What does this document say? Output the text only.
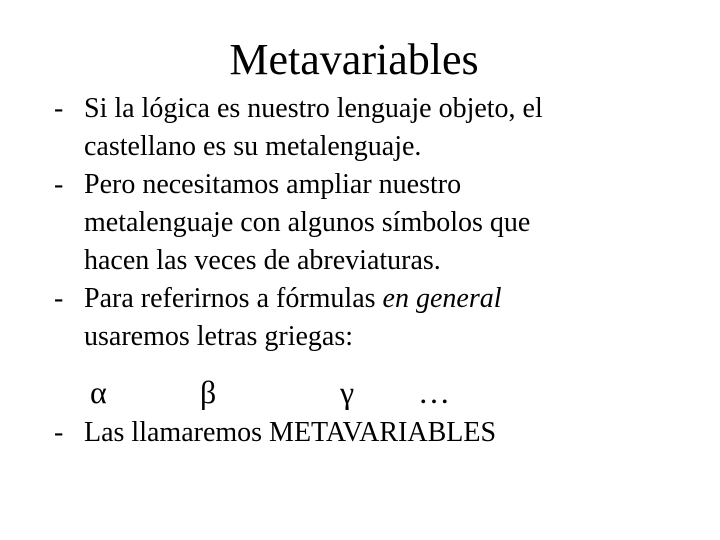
Metavariables
- Si la lógica es nuestro lenguaje objeto, el
castellano es su metalenguaje.
- Pero necesitamos ampliar nuestro
metalenguaje con algunos símbolos que
hacen las veces de abreviaturas.
- Para referirnos a fórmulas en general
usaremos letras griegas:
α	β	γ …
- Las llamaremos METAVARIABLES
